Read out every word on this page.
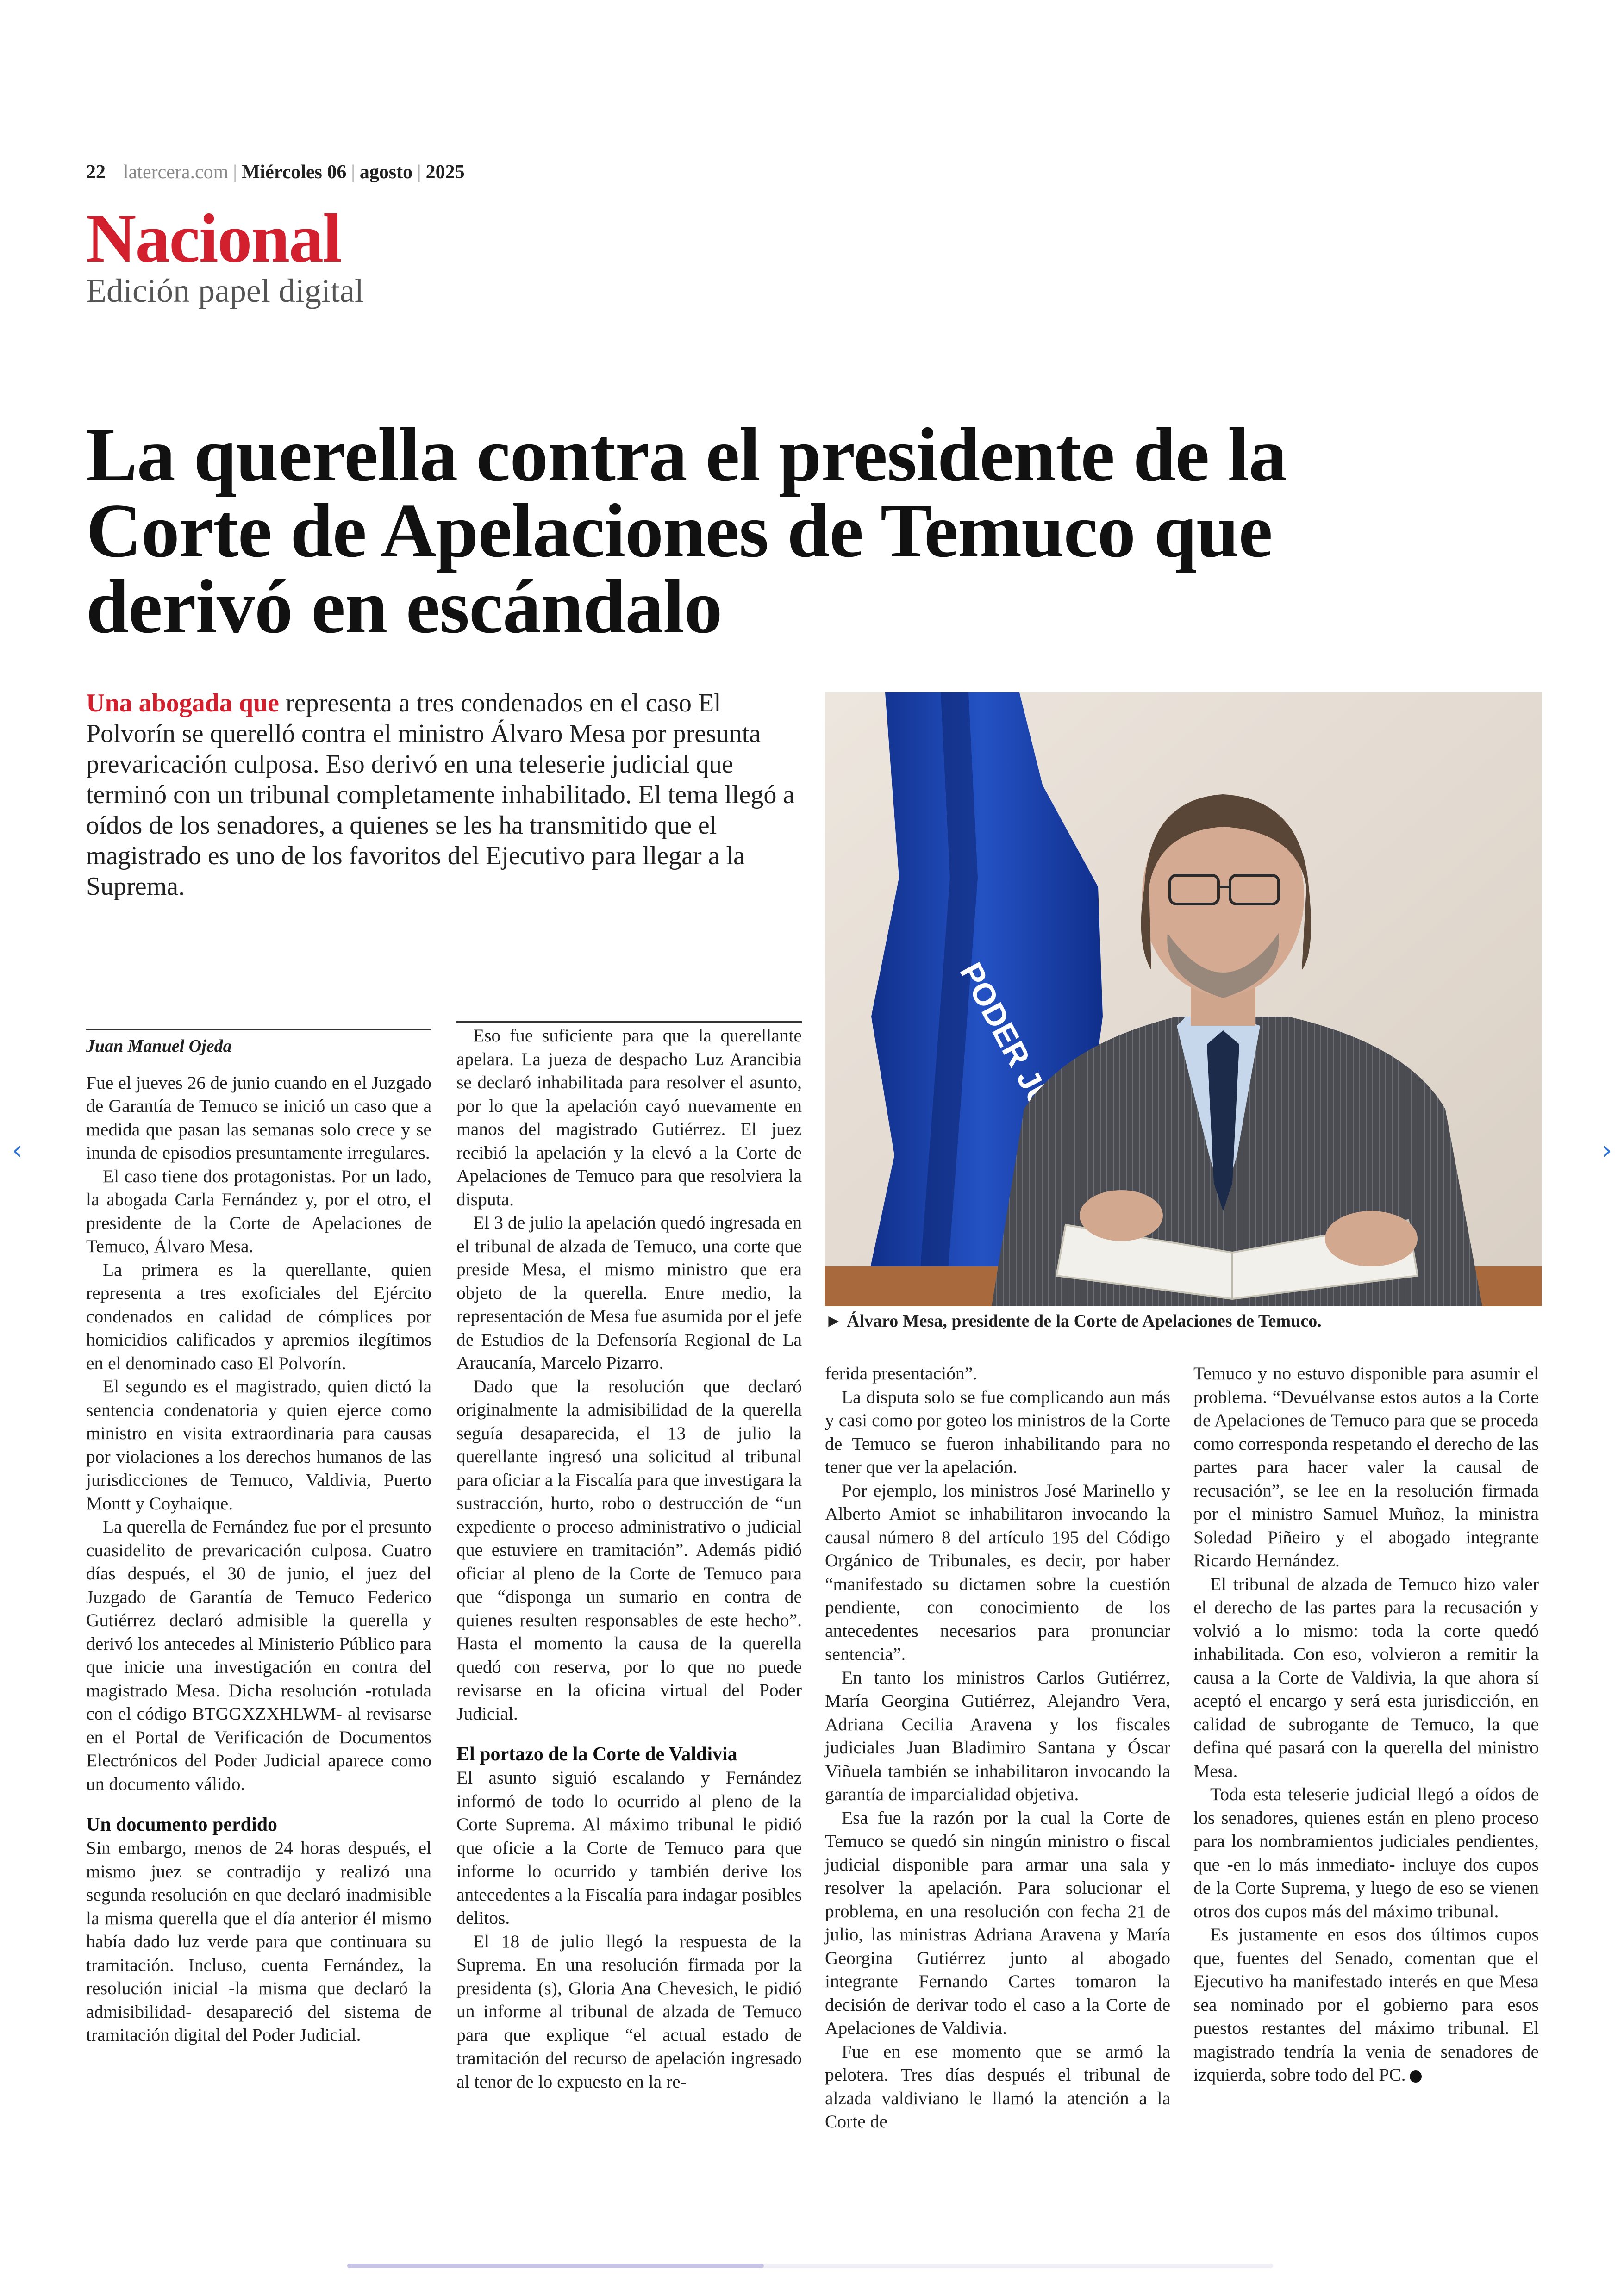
‹	›
22 latercera.com | Miércoles 06 | agosto | 2025
Nacional
Edición papel digital
La querella contra el presidente de la Corte de Apelaciones de Temuco que derivó en escándalo

Una abogada que representa a tres condenados en el caso El Polvorín se querelló contra el ministro Álvaro Mesa por presunta prevaricación culposa. Eso derivó en una teleserie judicial que terminó con un tribunal completamente inhabilitado. El tema llegó a oídos de los senadores, a quienes se les ha transmitido que el magistrado es uno de los favoritos del Ejecutivo para llegar a la Suprema.

PODER
► Álvaro Mesa, presidente de la Corte de Apelaciones de Temuco.
Juan Manuel Ojeda

Fue el jueves 26 de junio cuando en el Juzgado de Garantía de Temuco se inició un caso que a medida que pasan las semanas solo crece y se inunda de episodios presuntamente irregulares.

El caso tiene dos protagonistas. Por un lado, la abogada Carla Fernández y, por el otro, el presidente de la Corte de Apelaciones de Temuco, Álvaro Mesa.

La primera es la querellante, quien representa a tres exoficiales del Ejército condenados en calidad de cómplices por homicidios calificados y apremios ilegítimos en el denominado caso El Polvorín.

El segundo es el magistrado, quien dictó la sentencia condenatoria y quien ejerce como ministro en visita extraordinaria para causas por violaciones a los derechos humanos de las jurisdicciones de Temuco, Valdivia, Puerto Montt y Coyhaique.

La querella de Fernández fue por el presunto cuasidelito de prevaricación culposa. Cuatro días después, el 30 de junio, el juez del Juzgado de Garantía de Temuco Federico Gutiérrez declaró admisible la querella y derivó los antecedes al Ministerio Público para que inicie una investigación en contra del magistrado Mesa. Dicha resolución -rotulada con el código BTGGXZXHLWM- al revisarse en el Portal de Verificación de Documentos Electrónicos del Poder Judicial aparece como un documento válido.

Un documento perdido

Sin embargo, menos de 24 horas después, el mismo juez se contradijo y realizó una segunda resolución en que declaró inadmisible la misma querella que el día anterior él mismo había dado luz verde para que continuara su tramitación. Incluso, cuenta Fernández, la resolución inicial -la misma que declaró la admisibilidad- desapareció del sistema de tramitación digital del Poder Judicial.

Eso fue suficiente para que la querellante apelara. La jueza de despacho Luz Arancibia se declaró inhabilitada para resolver el asunto, por lo que la apelación cayó nuevamente en manos del magistrado Gutiérrez. El juez recibió la apelación y la elevó a la Corte de Apelaciones de Temuco para que resolviera la disputa.

El 3 de julio la apelación quedó ingresada en el tribunal de alzada de Temuco, una corte que preside Mesa, el mismo ministro que era objeto de la querella. Entre medio, la representación de Mesa fue asumida por el jefe de Estudios de la Defensoría Regional de La Araucanía, Marcelo Pizarro.

Dado que la resolución que declaró originalmente la admisibilidad de la querella seguía desaparecida, el 13 de julio la querellante ingresó una solicitud al tribunal para oficiar a la Fiscalía para que investigara la sustracción, hurto, robo o destrucción de “un expediente o proceso administrativo o judicial que estuviere en tramitación”. Además pidió oficiar al pleno de la Corte de Temuco para que “disponga un sumario en contra de quienes resulten responsables de este hecho”. Hasta el momento la causa de la querella quedó con reserva, por lo que no puede revisarse en la oficina virtual del Poder Judicial.

El portazo de la Corte de Valdivia

El asunto siguió escalando y Fernández informó de todo lo ocurrido al pleno de la Corte Suprema. Al máximo tribunal le pidió que oficie a la Corte de Temuco para que informe lo ocurrido y también derive los antecedentes a la Fiscalía para indagar posibles delitos.

El 18 de julio llegó la respuesta de la Suprema. En una resolución firmada por la presidenta (s), Gloria Ana Chevesich, le pidió un informe al tribunal de alzada de Temuco para que explique “el actual estado de tramitación del recurso de apelación ingresado al tenor de lo expuesto en la re-

ferida presentación”.

La disputa solo se fue complicando aun más y casi como por goteo los ministros de la Corte de Temuco se fueron inhabilitando para no tener que ver la apelación.

Por ejemplo, los ministros José Marinello y Alberto Amiot se inhabilitaron invocando la causal número 8 del artículo 195 del Código Orgánico de Tribunales, es decir, por haber “manifestado su dictamen sobre la cuestión pendiente, con conocimiento de los antecedentes necesarios para pronunciar sentencia”.

En tanto los ministros Carlos Gutiérrez, María Georgina Gutiérrez, Alejandro Vera, Adriana Cecilia Aravena y los fiscales judiciales Juan Bladimiro Santana y Óscar Viñuela también se inhabilitaron invocando la garantía de imparcialidad objetiva.

Esa fue la razón por la cual la Corte de Temuco se quedó sin ningún ministro o fiscal judicial disponible para armar una sala y resolver la apelación. Para solucionar el problema, en una resolución con fecha 21 de julio, las ministras Adriana Aravena y María Georgina Gutiérrez junto al abogado integrante Fernando Cartes tomaron la decisión de derivar todo el caso a la Corte de Apelaciones de Valdivia.

Fue en ese momento que se armó la pelotera. Tres días después el tribunal de alzada valdiviano le llamó la atención a la Corte de

Temuco y no estuvo disponible para asumir el problema. “Devuélvanse estos autos a la Corte de Apelaciones de Temuco para que se proceda como corresponda respetando el derecho de las partes para hacer valer la causal de recusación”, se lee en la resolución firmada por el ministro Samuel Muñoz, la ministra Soledad Piñeiro y el abogado integrante Ricardo Hernández.

El tribunal de alzada de Temuco hizo valer el derecho de las partes para la recusación y volvió a lo mismo: toda la corte quedó inhabilitada. Con eso, volvieron a remitir la causa a la Corte de Valdivia, la que ahora sí aceptó el encargo y será esta jurisdicción, en calidad de subrogante de Temuco, la que defina qué pasará con la querella del ministro Mesa.

Toda esta teleserie judicial llegó a oídos de los senadores, quienes están en pleno proceso para los nombramientos judiciales pendientes, que -en lo más inmediato- incluye dos cupos de la Corte Suprema, y luego de eso se vienen otros dos cupos más del máximo tribunal.

Es justamente en esos dos últimos cupos que, fuentes del Senado, comentan que el Ejecutivo ha manifestado interés en que Mesa sea nominado por el gobierno para esos puestos restantes del máximo tribunal. El magistrado tendría la venia de senadores de izquierda, sobre todo del PC.
